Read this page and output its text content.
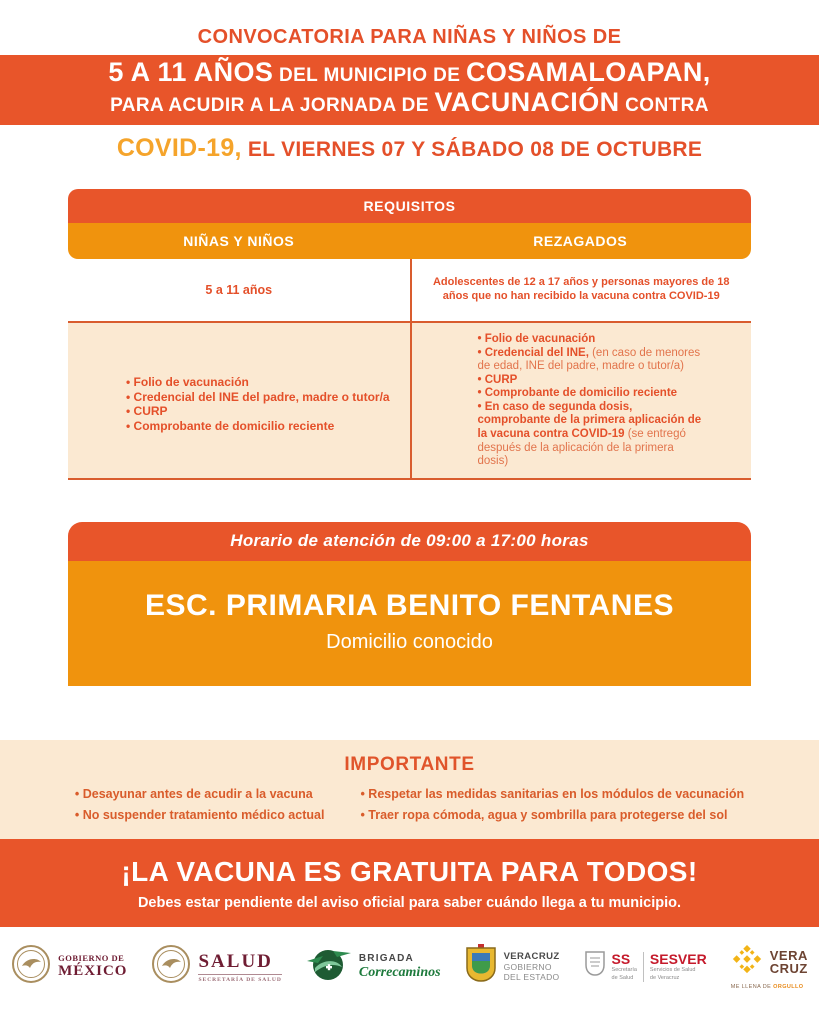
CONVOCATORIA PARA NIÑAS Y NIÑOS DE
5 A 11 AÑOS DEL MUNICIPIO DE COSAMALOAPAN,
PARA ACUDIR A LA JORNADA DE VACUNACIÓN CONTRA
COVID-19, EL VIERNES 07 Y SÁBADO 08 DE OCTUBRE
REQUISITOS
NIÑAS Y NIÑOS	REZAGADOS
5 a 11 años
Adolescentes de 12 a 17 años y personas mayores de 18 años que no han recibido la vacuna contra COVID-19
• Folio de vacunación
• Credencial del INE del padre, madre o tutor/a
• CURP
• Comprobante de domicilio reciente
• Folio de vacunación
• Credencial del INE, (en caso de menores de edad, INE del padre, madre o tutor/a)
• CURP
• Comprobante de domicilio reciente
• En caso de segunda dosis, comprobante de la primera aplicación de la vacuna contra COVID-19 (se entregó después de la aplicación de la primera dosis)
Horario de atención de 09:00 a 17:00 horas
ESC. PRIMARIA BENITO FENTANES
Domicilio conocido
IMPORTANTE
• Desayunar antes de acudir a la vacuna
• No suspender tratamiento médico actual
• Respetar las medidas sanitarias en los módulos de vacunación
• Traer ropa cómoda, agua y sombrilla para protegerse del sol
¡LA VACUNA ES GRATUITA PARA TODOS!
Debes estar pendiente del aviso oficial para saber cuándo llega a tu municipio.
GOBIERNO DE
MÉXICO	SALUD
SECRETARÍA DE SALUD
BRIGADA
Correcaminos
VERACRUZ
GOBIERNO
DEL ESTADO
SS
Secretaría
de Salud
SESVER
Servicios de Salud
de Veracruz
VERA
CRUZ
ME LLENA DE ORGULLO
